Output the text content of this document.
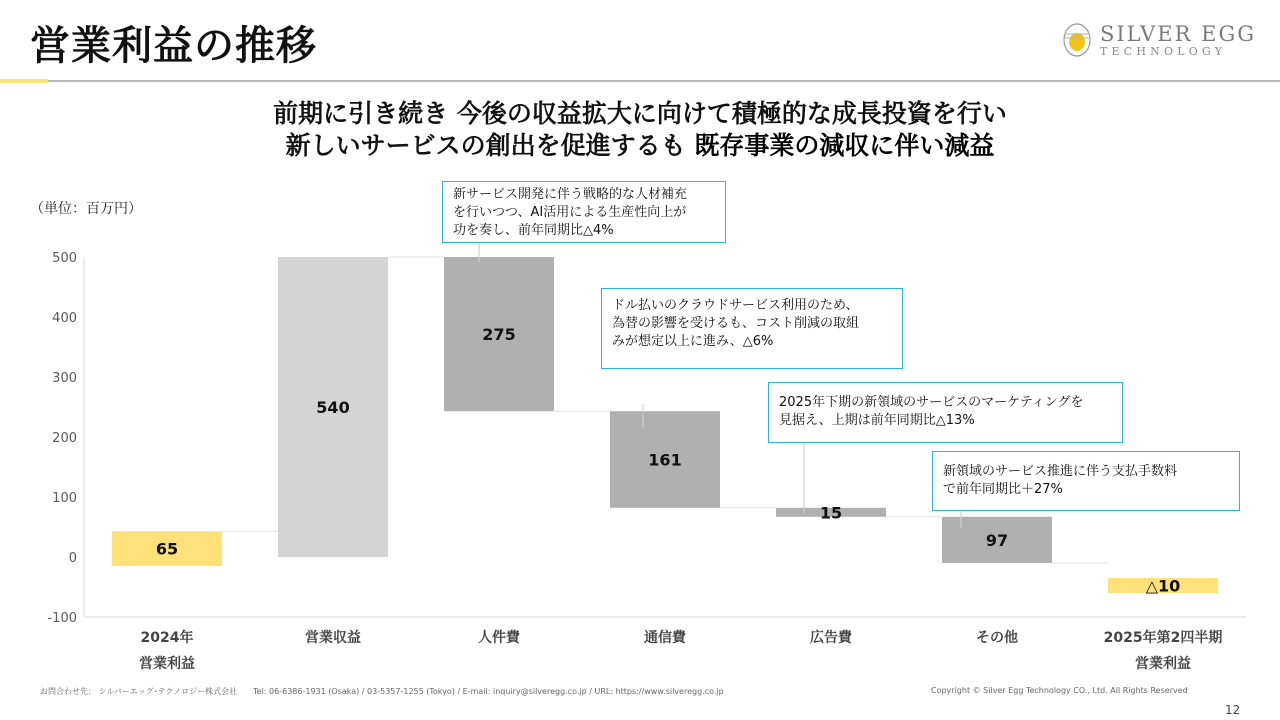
営業利益の推移	SILVER EGG
TECHNOLOGY
前期に引き続き 今後の収益拡大に向けて積極的な成長投資を行い
新しいサービスの創出を促進するも 既存事業の減収に伴い減益
（単位：百万円）
500
400
300
200
100
0
-100
65
2024年
営業利益
540
営業収益
275
人件費
161
通信費
15
広告費
97
その他
△10
2025年第2四半期
営業利益
新サービス開発に伴う戦略的な人材補充
を行いつつ、AI活用による生産性向上が
功を奏し、前年同期比△4%
ドル払いのクラウドサービス利用のため、
為替の影響を受けるも、コスト削減の取組
みが想定以上に進み、△6%
2025年下期の新領域のサービスのマーケティングを
見据え、上期は前年同期比△13%
新領域のサービス推進に伴う支払手数料
で前年同期比＋27%
お問合わせ先： シルバーエッグ･テクノロジー株式会社　　Tel: 06-6386-1931 (Osaka) / 03-5357-1255 (Tokyo) / E-mail: inquiry@silveregg.co.jp / URL: https://www.silveregg.co.jp	Copyright © Silver Egg Technology CO., Ltd. All Rights Reserved
12
